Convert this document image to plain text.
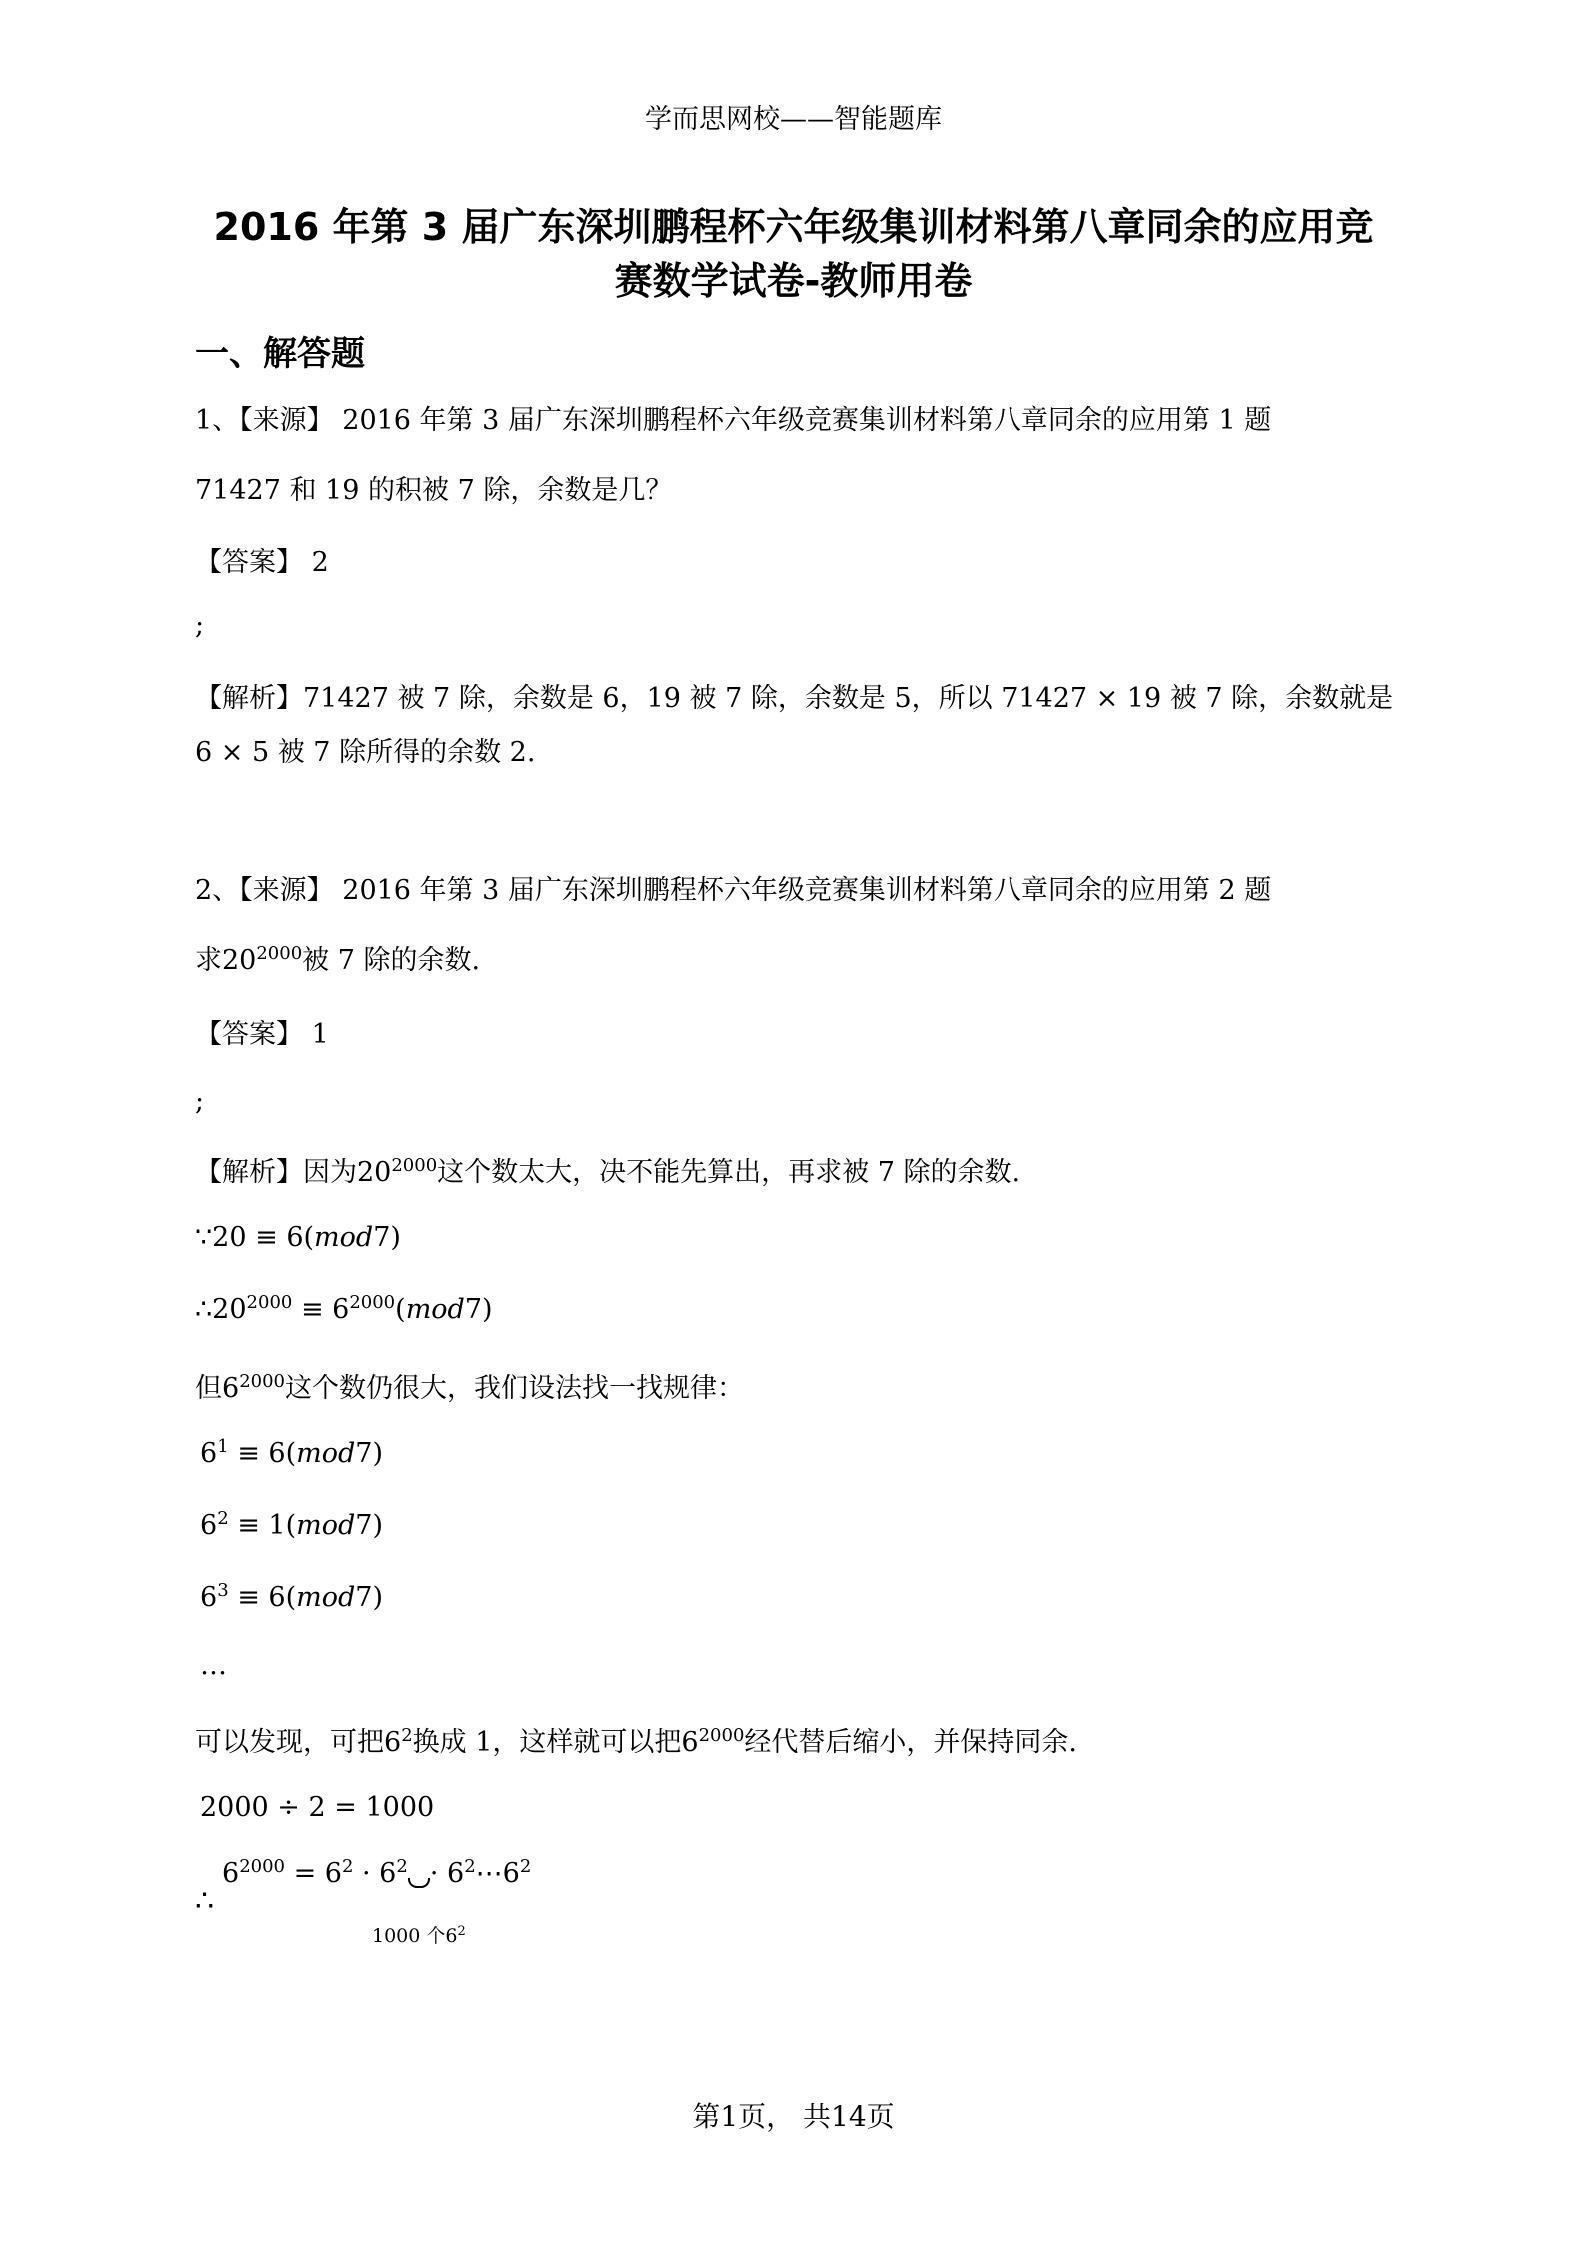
学而思网校——智能题库
2016 年第 3 届广东深圳鹏程杯六年级集训材料第八章同余的应用竞
赛数学试卷-教师用卷
一、解答题
1、【来源】 2016 年第 3 届广东深圳鹏程杯六年级竞赛集训材料第八章同余的应用第 1 题
71427 和 19 的积被 7 除，余数是几？
【答案】 2
;
【解析】71427 被 7 除，余数是 6，19 被 7 除，余数是 5，所以 71427 × 19 被 7 除，余数就是
6 × 5 被 7 除所得的余数 2.
2、【来源】 2016 年第 3 届广东深圳鹏程杯六年级竞赛集训材料第八章同余的应用第 2 题
求$20^{2000}$被 7 除的余数.
【答案】 1
;
【解析】因为$20^{2000}$这个数太大，决不能先算出，再求被 7 除的余数.
∵20 ≡ 6(mod7)
$\therefore 20^{2000} \equiv 6^{2000}(mod7)$
但$6^{2000}$这个数仍很大，我们设法找一找规律：
$6^1 \equiv 6(mod7)$
$6^2 \equiv 1(mod7)$
$6^3 \equiv 6(mod7)$
…
可以发现，可把$6^2$换成 1，这样就可以把$6^{2000}$经代替后缩小，并保持同余.
2000 ÷ 2 = 1000
∴
$6^{2000} = 6^2 \cdot 6^2$ · $6^2\cdots 6^2$
1000 个$6^2$
第1页， 共14页
